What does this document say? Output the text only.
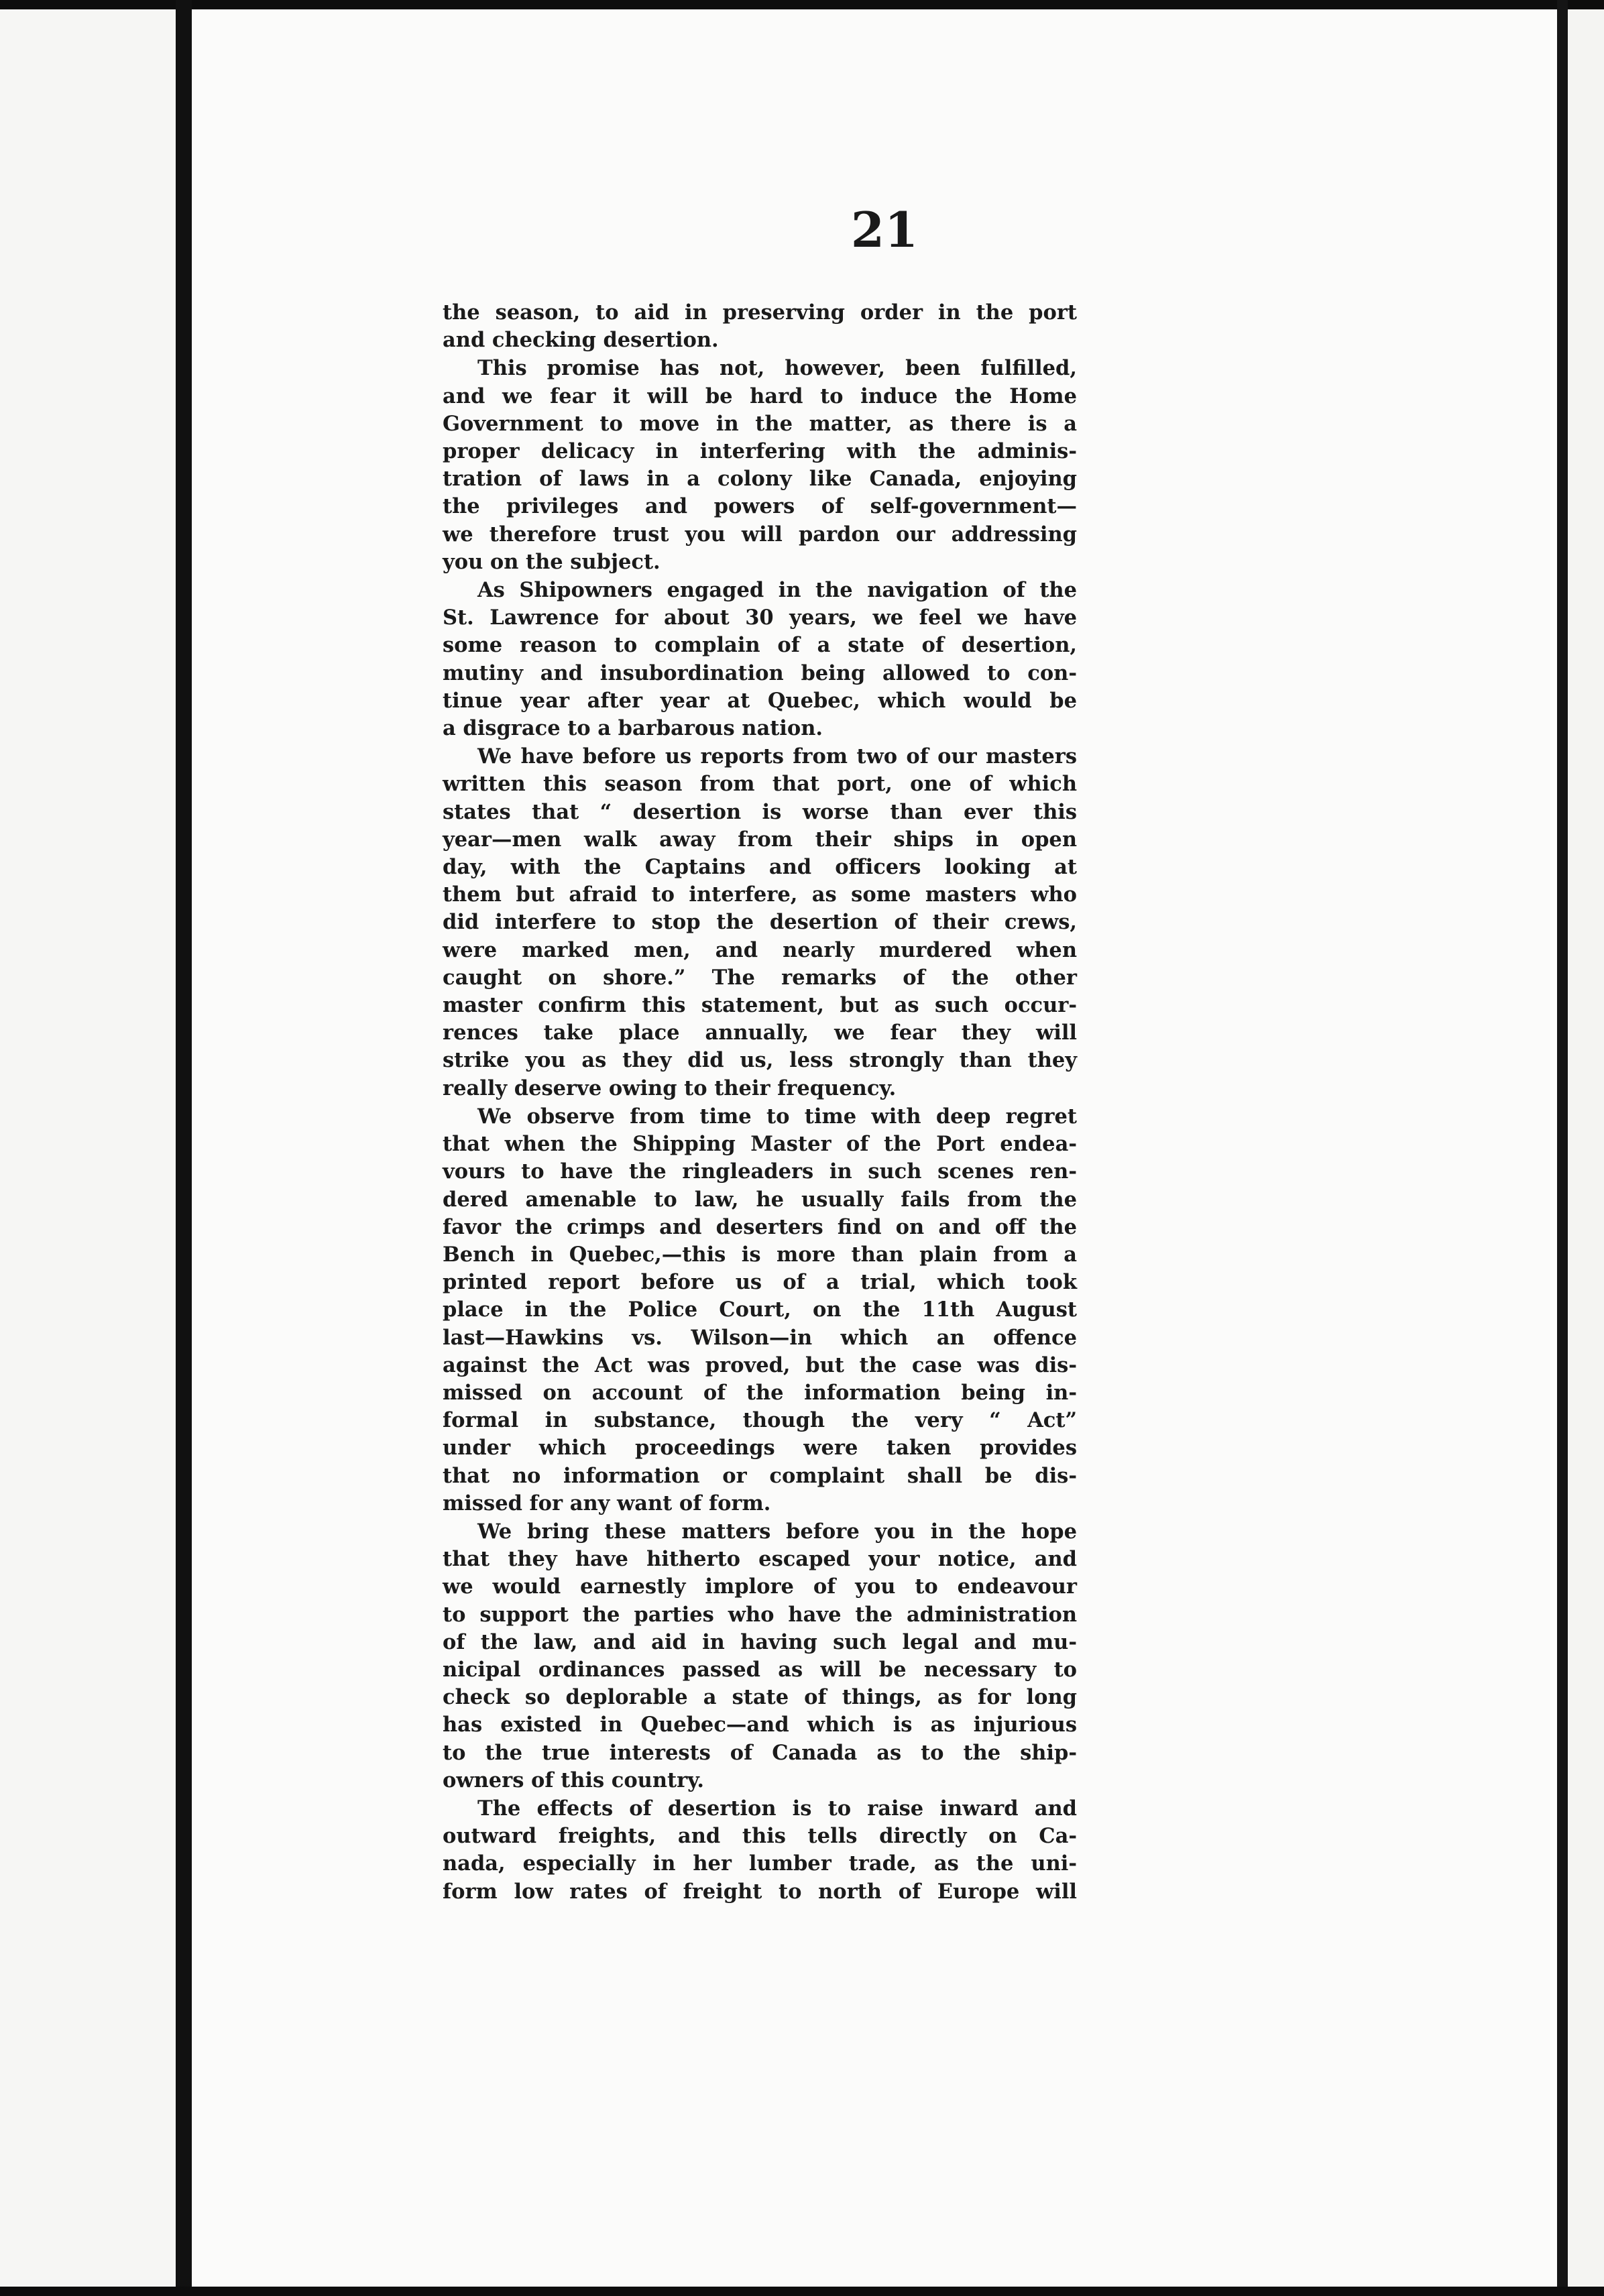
21
the season, to aid in preserving order in the port
and checking desertion.
This promise has not, however, been fulfilled,
and we fear it will be hard to induce the Home
Government to move in the matter, as there is a
proper delicacy in interfering with the adminis-
tration of laws in a colony like Canada, enjoying
the privileges and powers of self-government—
we therefore trust you will pardon our addressing
you on the subject.
As Shipowners engaged in the navigation of the
St. Lawrence for about 30 years, we feel we have
some reason to complain of a state of desertion,
mutiny and insubordination being allowed to con-
tinue year after year at Quebec, which would be
a disgrace to a barbarous nation.
We have before us reports from two of our masters
written this season from that port, one of which
states that “ desertion is worse than ever this
year—men walk away from their ships in open
day, with the Captains and officers looking at
them but afraid to interfere, as some masters who
did interfere to stop the desertion of their crews,
were marked men, and nearly murdered when
caught on shore.” The remarks of the other
master confirm this statement, but as such occur-
rences take place annually, we fear they will
strike you as they did us, less strongly than they
really deserve owing to their frequency.
We observe from time to time with deep regret
that when the Shipping Master of the Port endea-
vours to have the ringleaders in such scenes ren-
dered amenable to law, he usually fails from the
favor the crimps and deserters find on and off the
Bench in Quebec,—this is more than plain from a
printed report before us of a trial, which took
place in the Police Court, on the 11th August
last—Hawkins vs. Wilson—in which an offence
against the Act was proved, but the case was dis-
missed on account of the information being in-
formal in substance, though the very “ Act”
under which proceedings were taken provides
that no information or complaint shall be dis-
missed for any want of form.
We bring these matters before you in the hope
that they have hitherto escaped your notice, and
we would earnestly implore of you to endeavour
to support the parties who have the administration
of the law, and aid in having such legal and mu-
nicipal ordinances passed as will be necessary to
check so deplorable a state of things, as for long
has existed in Quebec—and which is as injurious
to the true interests of Canada as to the ship-
owners of this country.
The effects of desertion is to raise inward and
outward freights, and this tells directly on Ca-
nada, especially in her lumber trade, as the uni-
form low rates of freight to north of Europe will
